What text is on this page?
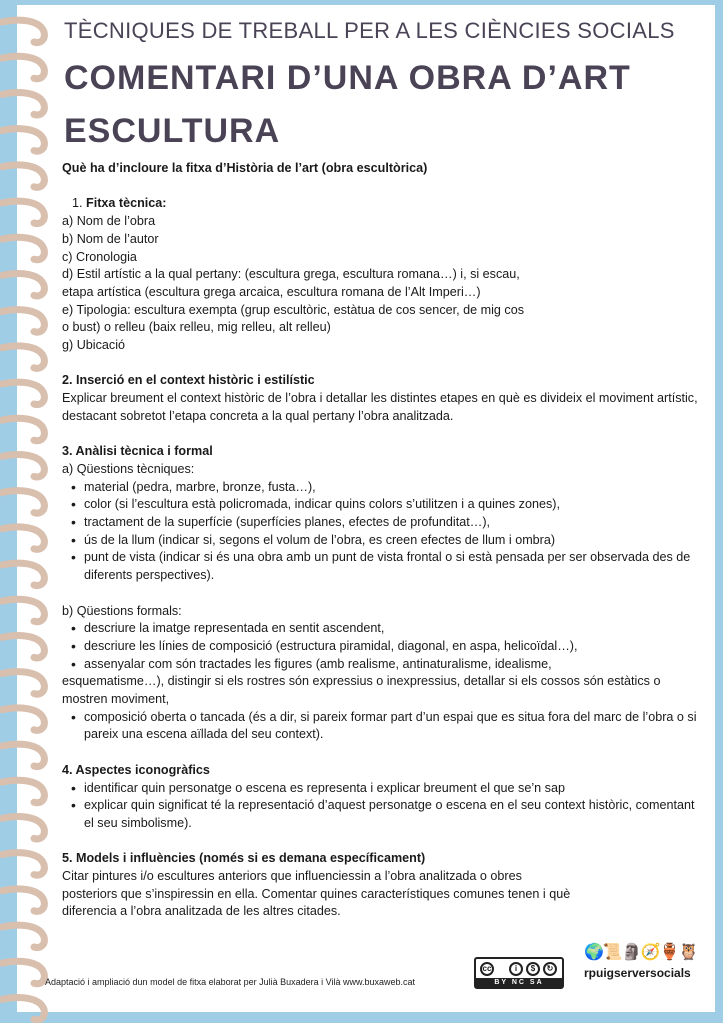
TÈCNIQUES DE TREBALL PER A LES CIÈNCIES SOCIALS
COMENTARI D’UNA OBRA D’ART
ESCULTURA

Què ha d’incloure la fitxa d’Història de l’art (obra escultòrica)

1. Fitxa tècnica:

a) Nom de l’obra

b) Nom de l’autor

c) Cronologia

d) Estil artístic a la qual pertany: (escultura grega, escultura romana…) i, si escau,

etapa artística (escultura grega arcaica, escultura romana de l’Alt Imperi…)

e) Tipologia: escultura exempta (grup escultòric, estàtua de cos sencer, de mig cos

o bust) o relleu (baix relleu, mig relleu, alt relleu)

g) Ubicació

2. Inserció en el context històric i estilístic

Explicar breument el context històric de l’obra i detallar les distintes etapes en què es divideix el moviment artístic, destacant sobretot l’etapa concreta a la qual pertany l’obra analitzada.

3. Anàlisi tècnica i formal

a) Qüestions tècniques:

• material (pedra, marbre, bronze, fusta…),
• color (si l’escultura està policromada, indicar quins colors s’utilitzen i a quines zones),
• tractament de la superfície (superfícies planes, efectes de profunditat…),
• ús de la llum (indicar si, segons el volum de l’obra, es creen efectes de llum i ombra)
• punt de vista (indicar si és una obra amb un punt de vista frontal o si està pensada per ser observada des de diferents perspectives).

b) Qüestions formals:

• descriure la imatge representada en sentit ascendent,
• descriure les línies de composició (estructura piramidal, diagonal, en aspa, helicoïdal…),
• assenyalar com són tractades les figures (amb realisme, antinaturalisme, idealisme,

esquematisme…), distingir si els rostres són expressius o inexpressius, detallar si els cossos són estàtics o mostren moviment,

• composició oberta o tancada (és a dir, si pareix formar part d’un espai que es situa fora del marc de l’obra o si pareix una escena aïllada del seu context).

4. Aspectes iconogràfics

• identificar quin personatge o escena es representa i explicar breument el que se’n sap
• explicar quin significat té la representació d’aquest personatge o escena en el seu context històric, comentant el seu simbolisme).

5. Models i influències (només si es demana específicament)

Citar pintures i/o escultures anteriors que influenciessin a l’obra analitzada o obres

posteriors que s’inspiressin en ella. Comentar quines característiques comunes tenen i què

diferencia a l’obra analitzada de les altres citades.

Adaptació i ampliació dun model de fitxa elaborat per Julià Buxadera i Vilà www.buxaweb.cat
cc	i	$	↻
BY NC SA
🌍📜🗿🧭🏺🦉
rpuigserversocials
